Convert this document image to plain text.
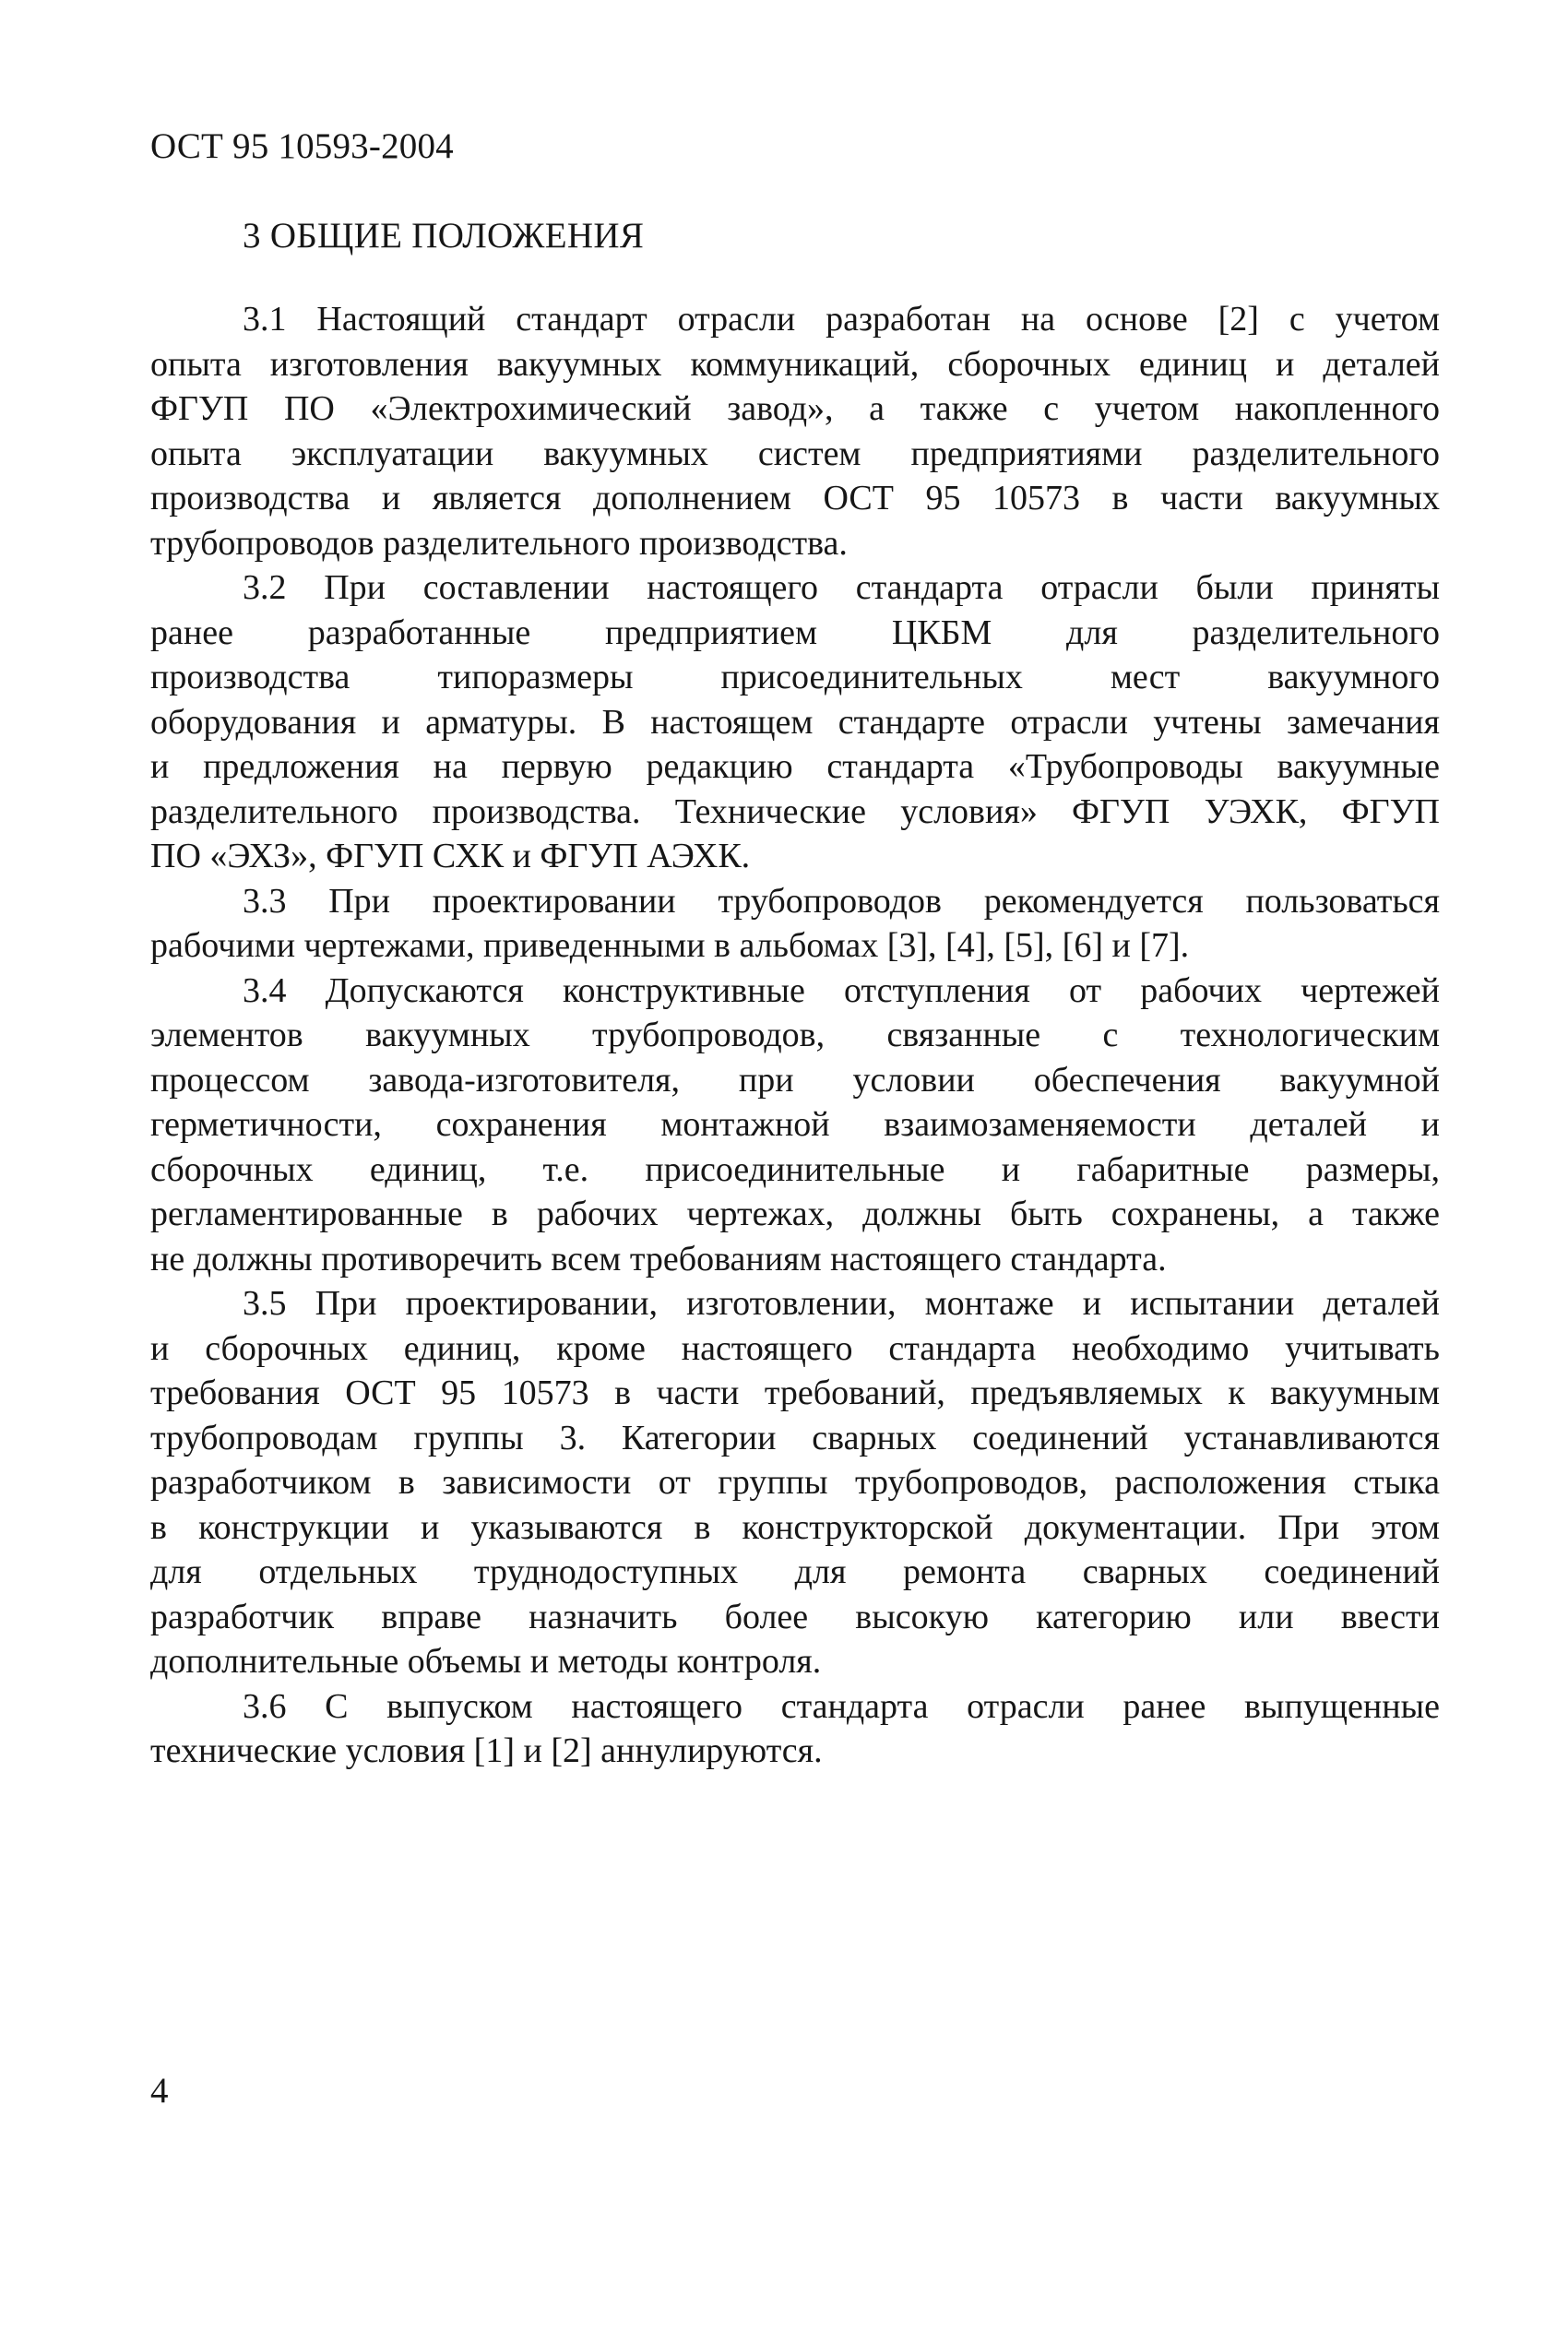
ОСТ 95 10593-2004
3 ОБЩИЕ ПОЛОЖЕНИЯ
3.1 Настоящий стандарт отрасли разработан на основе [2] с учетом
опыта изготовления вакуумных коммуникаций, сборочных единиц и деталей
ФГУП ПО «Электрохимический завод», а также с учетом накопленного
опыта эксплуатации вакуумных систем предприятиями разделительного
производства и является дополнением ОСТ 95 10573 в части вакуумных
трубопроводов разделительного производства.
3.2 При составлении настоящего стандарта отрасли были приняты
ранее разработанные предприятием ЦКБМ для разделительного
производства типоразмеры присоединительных мест вакуумного
оборудования и арматуры. В настоящем стандарте отрасли учтены замечания
и предложения на первую редакцию стандарта «Трубопроводы вакуумные
разделительного производства. Технические условия» ФГУП УЭХК, ФГУП
ПО «ЭХЗ», ФГУП СХК и ФГУП АЭХК.
3.3 При проектировании трубопроводов рекомендуется пользоваться
рабочими чертежами, приведенными в альбомах [3], [4], [5], [6] и [7].
3.4 Допускаются конструктивные отступления от рабочих чертежей
элементов вакуумных трубопроводов, связанные с технологическим
процессом завода-изготовителя, при условии обеспечения вакуумной
герметичности, сохранения монтажной взаимозаменяемости деталей и
сборочных единиц, т.е. присоединительные и габаритные размеры,
регламентированные в рабочих чертежах, должны быть сохранены, а также
не должны противоречить всем требованиям настоящего стандарта.
3.5 При проектировании, изготовлении, монтаже и испытании деталей
и сборочных единиц, кроме настоящего стандарта необходимо учитывать
требования ОСТ 95 10573 в части требований, предъявляемых к вакуумным
трубопроводам группы 3. Категории сварных соединений устанавливаются
разработчиком в зависимости от группы трубопроводов, расположения стыка
в конструкции и указываются в конструкторской документации. При этом
для отдельных труднодоступных для ремонта сварных соединений
разработчик вправе назначить более высокую категорию или ввести
дополнительные объемы и методы контроля.
3.6 С выпуском настоящего стандарта отрасли ранее выпущенные
технические условия [1] и [2] аннулируются.
4
